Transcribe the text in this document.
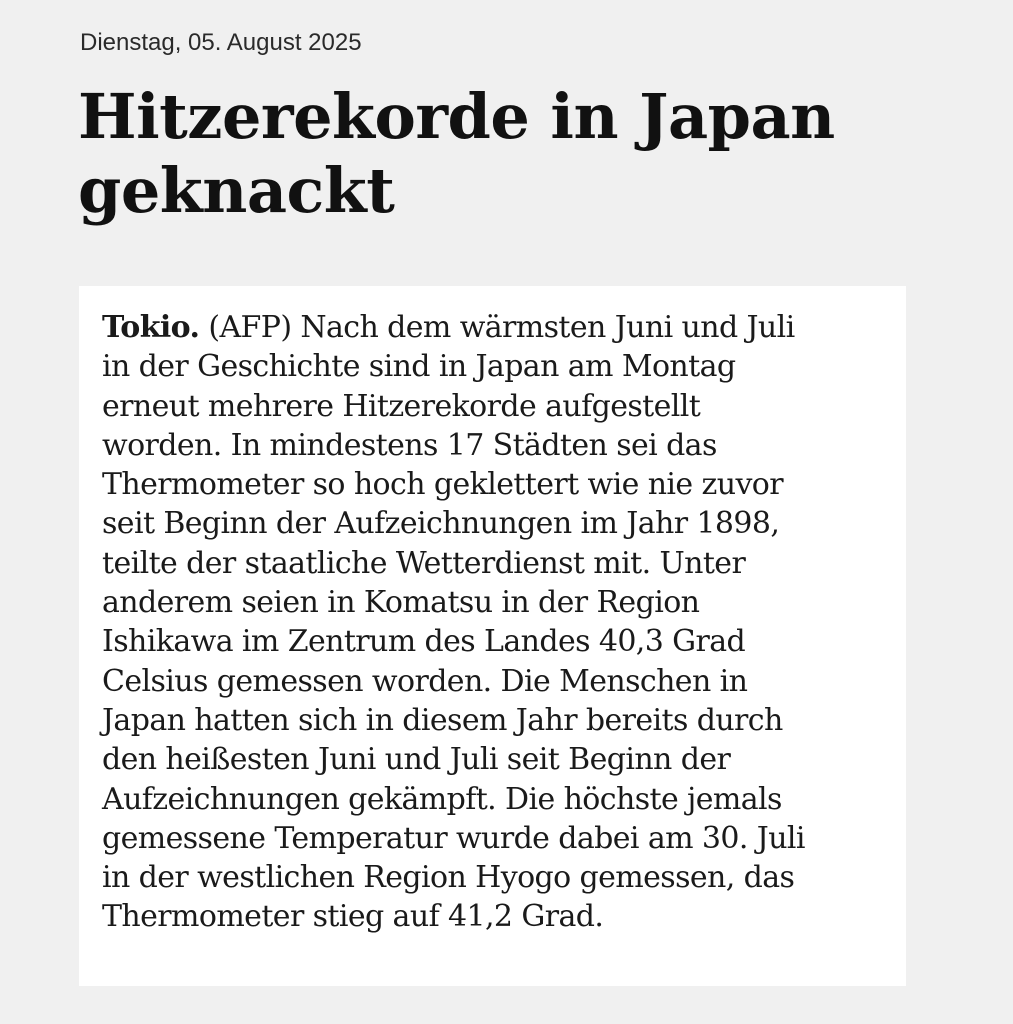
Dienstag, 05. August 2025
Hitzerekorde in Japan
geknackt

Tokio. (AFP) Nach dem wärmsten Juni und Juli
in der Geschichte sind in Japan am Montag
erneut mehrere Hitzerekorde aufgestellt
worden. In mindestens 17 Städten sei das
Thermometer so hoch geklettert wie nie zuvor
seit Beginn der Aufzeichnungen im Jahr 1898,
teilte der staatliche Wetterdienst mit. Unter
anderem seien in Komatsu in der Region
Ishikawa im Zentrum des Landes 40,3 Grad
Celsius gemessen worden. Die Menschen in
Japan hatten sich in diesem Jahr bereits durch
den heißesten Juni und Juli seit Beginn der
Aufzeichnungen gekämpft. Die höchste jemals
gemessene Temperatur wurde dabei am 30. Juli
in der westlichen Region Hyogo gemessen, das
Thermometer stieg auf 41,2 Grad.
